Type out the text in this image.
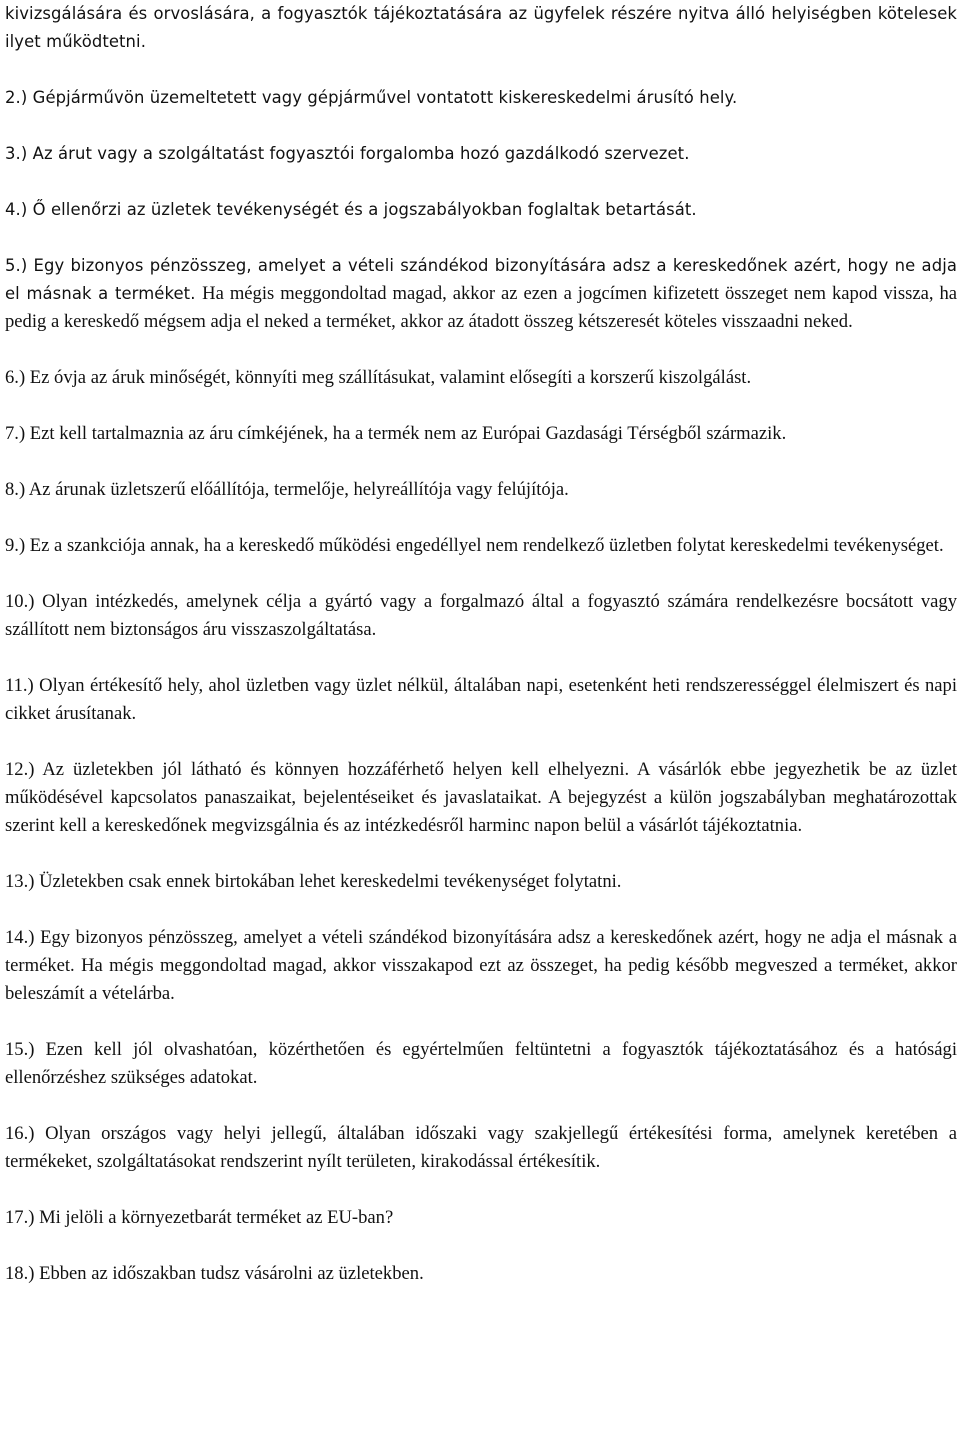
kivizsgálására és orvoslására, a fogyasztók tájékoztatására az ügyfelek részére nyitva álló helyiségben kötelesek ilyet működtetni.

2.) Gépjárművön üzemeltetett vagy gépjárművel vontatott kiskereskedelmi árusító hely.

3.) Az árut vagy a szolgáltatást fogyasztói forgalomba hozó gazdálkodó szervezet.

4.) Ő ellenőrzi az üzletek tevékenységét és a jogszabályokban foglaltak betartását.

5.) Egy bizonyos pénzösszeg, amelyet a vételi szándékod bizonyítására adsz a kereskedőnek azért, hogy ne adja el másnak a terméket. Ha mégis meggondoltad magad, akkor az ezen a jogcímen kifizetett összeget nem kapod vissza, ha pedig a kereskedő mégsem adja el neked a terméket, akkor az átadott összeg kétszeresét köteles visszaadni neked.

6.) Ez óvja az áruk minőségét, könnyíti meg szállításukat, valamint elősegíti a korszerű kiszolgálást.

7.) Ezt kell tartalmaznia az áru címkéjének, ha a termék nem az Európai Gazdasági Térségből származik.

8.) Az árunak üzletszerű előállítója, termelője, helyreállítója vagy felújítója.

9.) Ez a szankciója annak, ha a kereskedő működési engedéllyel nem rendelkező üzletben folytat kereskedelmi tevékenységet.

10.) Olyan intézkedés, amelynek célja a gyártó vagy a forgalmazó által a fogyasztó számára rendelkezésre bocsátott vagy szállított nem biztonságos áru visszaszolgáltatása.

11.) Olyan értékesítő hely, ahol üzletben vagy üzlet nélkül, általában napi, esetenként heti rendszerességgel élelmiszert és napi cikket árusítanak.

12.) Az üzletekben jól látható és könnyen hozzáférhető helyen kell elhelyezni. A vásárlók ebbe jegyezhetik be az üzlet működésével kapcsolatos panaszaikat, bejelentéseiket és javaslataikat. A bejegyzést a külön jogszabályban meghatározottak szerint kell a kereskedőnek megvizsgálnia és az intézkedésről harminc napon belül a vásárlót tájékoztatnia.

13.) Üzletekben csak ennek birtokában lehet kereskedelmi tevékenységet folytatni.

14.) Egy bizonyos pénzösszeg, amelyet a vételi szándékod bizonyítására adsz a kereskedőnek azért, hogy ne adja el másnak a terméket. Ha mégis meggondoltad magad, akkor visszakapod ezt az összeget, ha pedig később megveszed a terméket, akkor beleszámít a vételárba.

15.) Ezen kell jól olvashatóan, közérthetően és egyértelműen feltüntetni a fogyasztók tájékoztatásához és a hatósági ellenőrzéshez szükséges adatokat.

16.) Olyan országos vagy helyi jellegű, általában időszaki vagy szakjellegű értékesítési forma, amelynek keretében a termékeket, szolgáltatásokat rendszerint nyílt területen, kirakodással értékesítik.

17.) Mi jelöli a környezetbarát terméket az EU-ban?

18.) Ebben az időszakban tudsz vásárolni az üzletekben.
